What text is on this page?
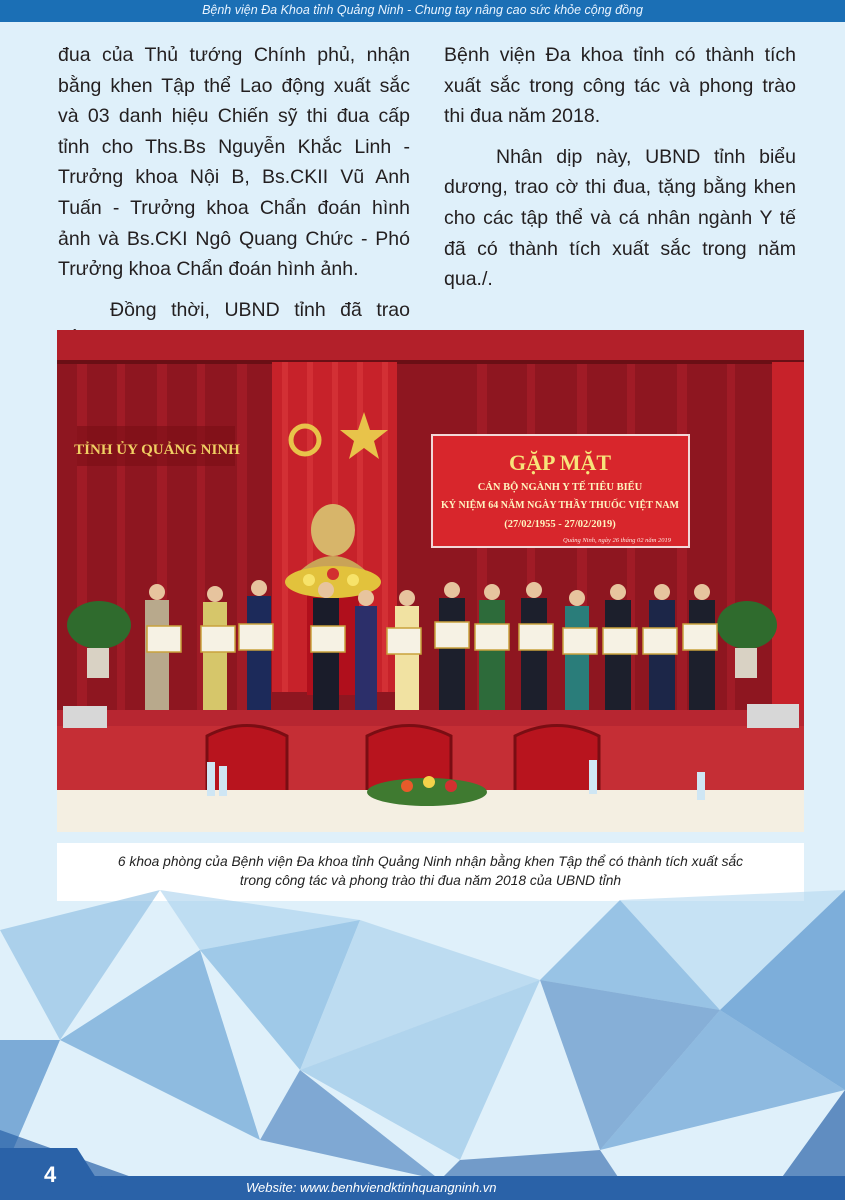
Bệnh viện Đa Khoa tỉnh Quảng Ninh - Chung tay nâng cao sức khỏe cộng đồng

đua của Thủ tướng Chính phủ, nhận bằng khen Tập thể Lao động xuất sắc và 03 danh hiệu Chiến sỹ thi đua cấp tỉnh cho Ths.Bs Nguyễn Khắc Linh - Trưởng khoa Nội B, Bs.CKII Vũ Anh Tuấn - Trưởng khoa Chẩn đoán hình ảnh và Bs.CKI Ngô Quang Chức - Phó Trưởng khoa Chẩn đoán hình ảnh.

Đồng thời, UBND tỉnh đã trao

Bệnh viện Đa khoa tỉnh có thành tích xuất sắc trong công tác và phong trào thi đua năm 2018.

Nhân dịp này, UBND tỉnh biểu dương, trao cờ thi đua, tặng bằng khen cho các tập thể và cá nhân ngành Y tế đã có thành tích xuất sắc trong năm qua./.

TỈNH ỦY QUẢNG NINH	GẶP MẶT
CÁN BỘ NGÀNH Y TẾ TIÊU BIỂU
KỶ NIỆM 64 NĂM NGÀY THẦY THUỐC VIỆT NAM
(27/02/1955 - 27/02/2019)
Quảng Ninh, ngày 26 tháng 02 năm 2019
6 khoa phòng của Bệnh viện Đa khoa tỉnh Quảng Ninh nhận bằng khen Tập thể có thành tích xuất sắc
trong công tác và phong trào thi đua năm 2018 của UBND tỉnh
4
Website: www.benhviendktinhquangninh.vn
